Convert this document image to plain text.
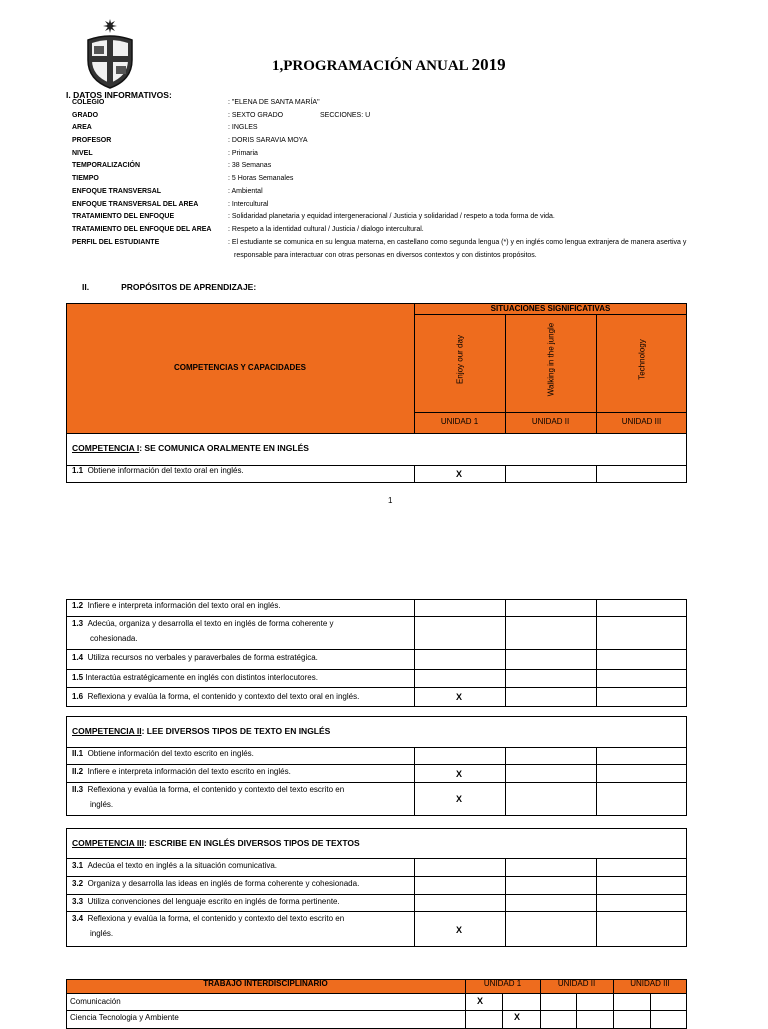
1,PROGRAMACIÓN ANUAL 2019
I. DATOS INFORMATIVOS:
COLEGIO	: "ELENA DE SANTA MARÍA"
GRADO	: SEXTO GRADO	SECCIONES: U
AREA	: INGLES
PROFESOR	: DORIS SARAVIA MOYA
NIVEL	: Primaria
TEMPORALIZACIÓN	: 38 Semanas
TIEMPO	: 5 Horas Semanales
ENFOQUE TRANSVERSAL	: Ambiental
ENFOQUE TRANSVERSAL DEL AREA	: Intercultural
TRATAMIENTO DEL ENFOQUE	: Solidaridad planetaria y equidad intergeneracional / Justicia y solidaridad / respeto a toda forma de vida.
TRATAMIENTO DEL ENFOQUE DEL AREA : Respeto a la identidad cultural / Justicia / dialogo intercultural.
PERFIL DEL ESTUDIANTE	: El estudiante se comunica en su lengua materna, en castellano como segunda lengua (*) y en inglés como lengua extranjera de manera asertiva y
responsable para interactuar con otras personas en diversos contextos y con distintos propósitos.
II.	PROPÓSITOS DE APRENDIZAJE:
SITUACIONES SIGNIFICATIVAS
COMPETENCIAS Y CAPACIDADES	Enjoy our day	Walking in the jungle	Technology
UNIDAD 1	UNIDAD II	UNIDAD III
COMPETENCIA I: SE COMUNICA ORALMENTE EN INGLÉS
1.1 Obtiene información del texto oral en inglés.	X
1
1.2 Infiere e interpreta información del texto oral en inglés.
1.3 Adecúa, organiza y desarrolla el texto en inglés de forma coherente y
cohesionada.
1.4 Utiliza recursos no verbales y paraverbales de forma estratégica.
1.5 Interactúa estratégicamente en inglés con distintos interlocutores.
1.6 Reflexiona y evalúa la forma, el contenido y contexto del texto oral en inglés.	X
COMPETENCIA II: LEE DIVERSOS TIPOS DE TEXTO EN INGLÉS
II.1 Obtiene información del texto escrito en inglés.
II.2 Infiere e interpreta información del texto escrito en inglés.	X
II.3 Reflexiona y evalúa la forma, el contenido y contexto del texto escrito en
inglés.
X
COMPETENCIA III: ESCRIBE EN INGLÉS DIVERSOS TIPOS DE TEXTOS
3.1 Adecúa el texto en inglés a la situación comunicativa.
3.2 Organiza y desarrolla las ideas en inglés de forma coherente y cohesionada.
3.3 Utiliza convenciones del lenguaje escrito en inglés de forma pertinente.
3.4 Reflexiona y evalúa la forma, el contenido y contexto del texto escrito en
inglés.	X
TRABAJO INTERDISCIPLINARIO	UNIDAD 1	UNIDAD II	UNIDAD III
Comunicación	X
Ciencia Tecnologia y Ambiente	X
